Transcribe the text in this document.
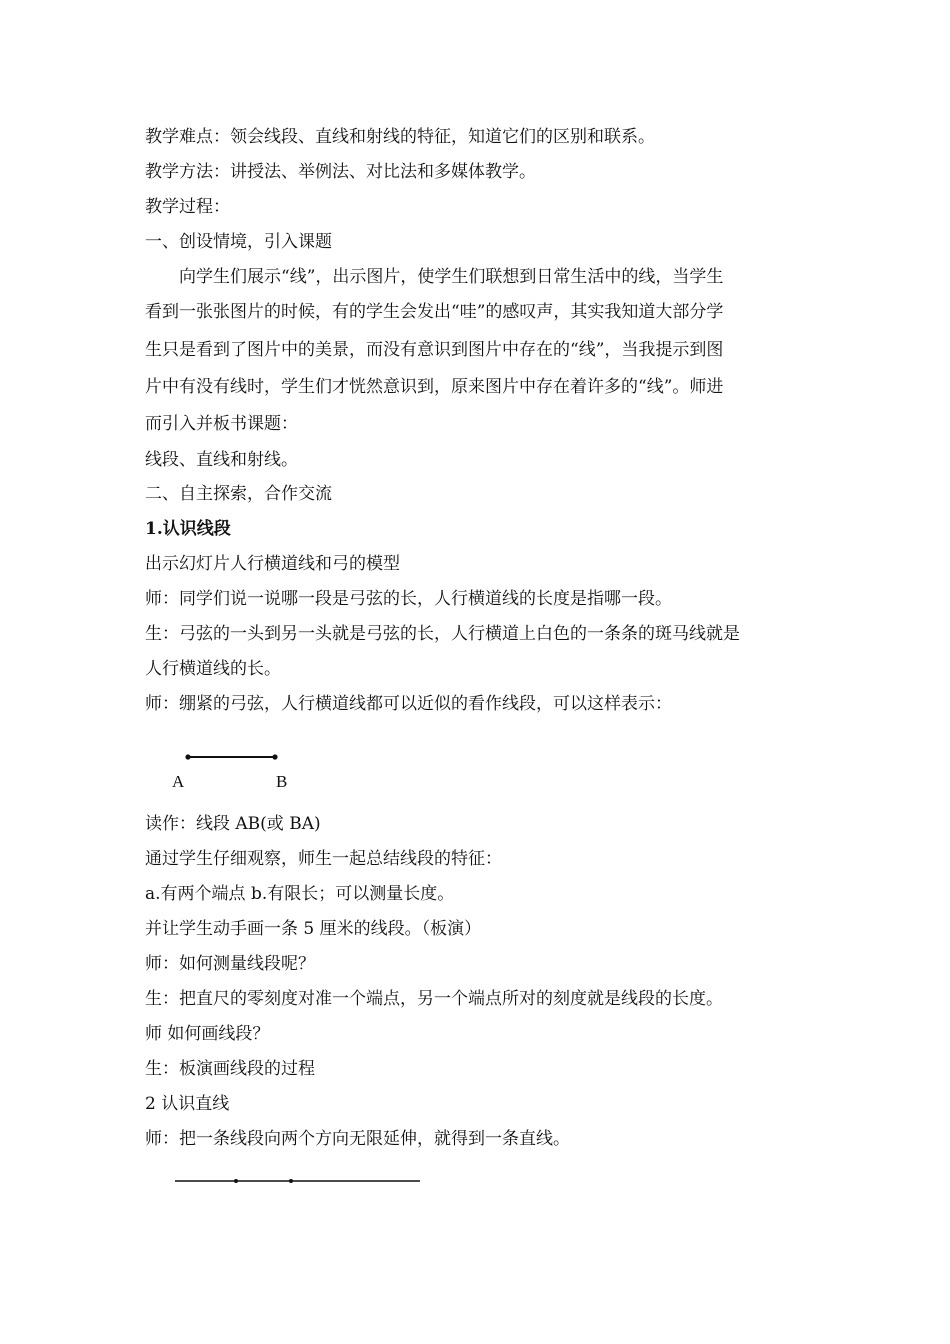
教学难点：领会线段、直线和射线的特征，知道它们的区别和联系。
教学方法：讲授法、举例法、对比法和多媒体教学。
教学过程：
一、创设情境，引入课题
　　向学生们展示“线”，出示图片，使学生们联想到日常生活中的线，当学生
看到一张张图片的时候，有的学生会发出“哇”的感叹声，其实我知道大部分学
生只是看到了图片中的美景，而没有意识到图片中存在的“线”，当我提示到图
片中有没有线时，学生们才恍然意识到，原来图片中存在着许多的“线”。师进
而引入并板书课题：
线段、直线和射线。
二、自主探索，合作交流
1.认识线段
出示幻灯片人行横道线和弓的模型
师：同学们说一说哪一段是弓弦的长，人行横道线的长度是指哪一段。
生：弓弦的一头到另一头就是弓弦的长，人行横道上白色的一条条的斑马线就是
人行横道线的长。
师：绷紧的弓弦，人行横道线都可以近似的看作线段，可以这样表示：
A	B
读作：线段 AB(或 BA)
通过学生仔细观察，师生一起总结线段的特征：
a.有两个端点 b.有限长；可以测量长度。
并让学生动手画一条 5 厘米的线段。（板演）
师：如何测量线段呢？
生：把直尺的零刻度对准一个端点，另一个端点所对的刻度就是线段的长度。
师 如何画线段？
生：板演画线段的过程
2 认识直线
师：把一条线段向两个方向无限延伸，就得到一条直线。
